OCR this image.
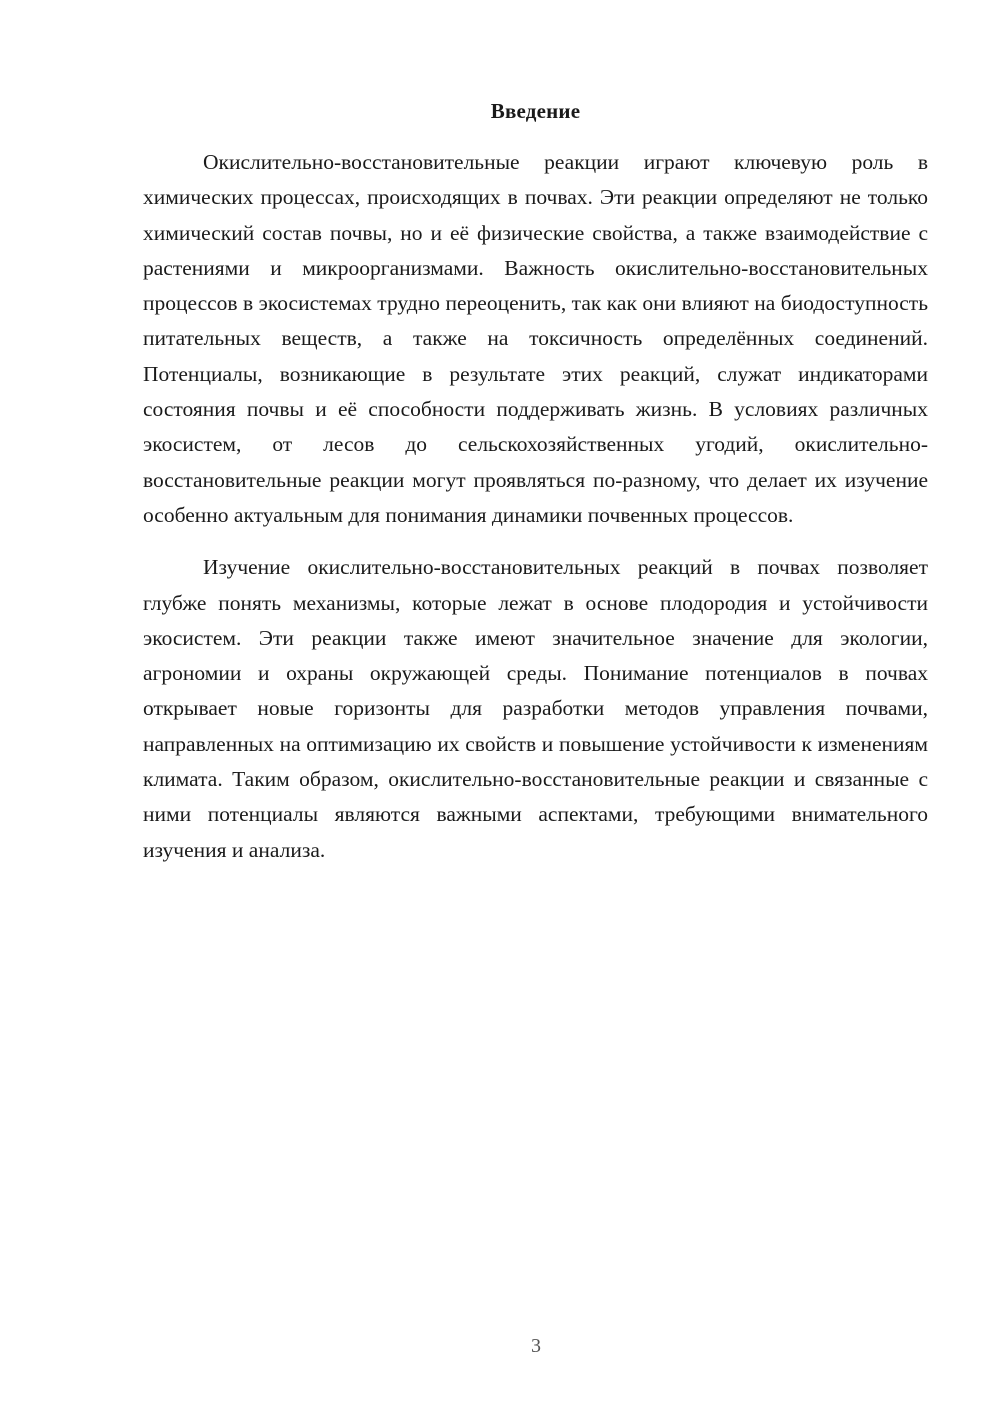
Введение

Окислительно-восстановительные реакции играют ключевую роль в химических процессах, происходящих в почвах. Эти реакции определяют не только химический состав почвы, но и её физические свойства, а также взаимодействие с растениями и микроорганизмами. Важность окислительно-восстановительных процессов в экосистемах трудно переоценить, так как они влияют на биодоступность питательных веществ, а также на токсичность определённых соединений. Потенциалы, возникающие в результате этих реакций, служат индикаторами состояния почвы и её способности поддерживать жизнь. В условиях различных экосистем, от лесов до сельскохозяйственных угодий, окислительно-восстановительные реакции могут проявляться по-разному, что делает их изучение особенно актуальным для понимания динамики почвенных процессов.

Изучение окислительно-восстановительных реакций в почвах позволяет глубже понять механизмы, которые лежат в основе плодородия и устойчивости экосистем. Эти реакции также имеют значительное значение для экологии, агрономии и охраны окружающей среды. Понимание потенциалов в почвах открывает новые горизонты для разработки методов управления почвами, направленных на оптимизацию их свойств и повышение устойчивости к изменениям климата. Таким образом, окислительно-восстановительные реакции и связанные с ними потенциалы являются важными аспектами, требующими внимательного изучения и анализа.

3
